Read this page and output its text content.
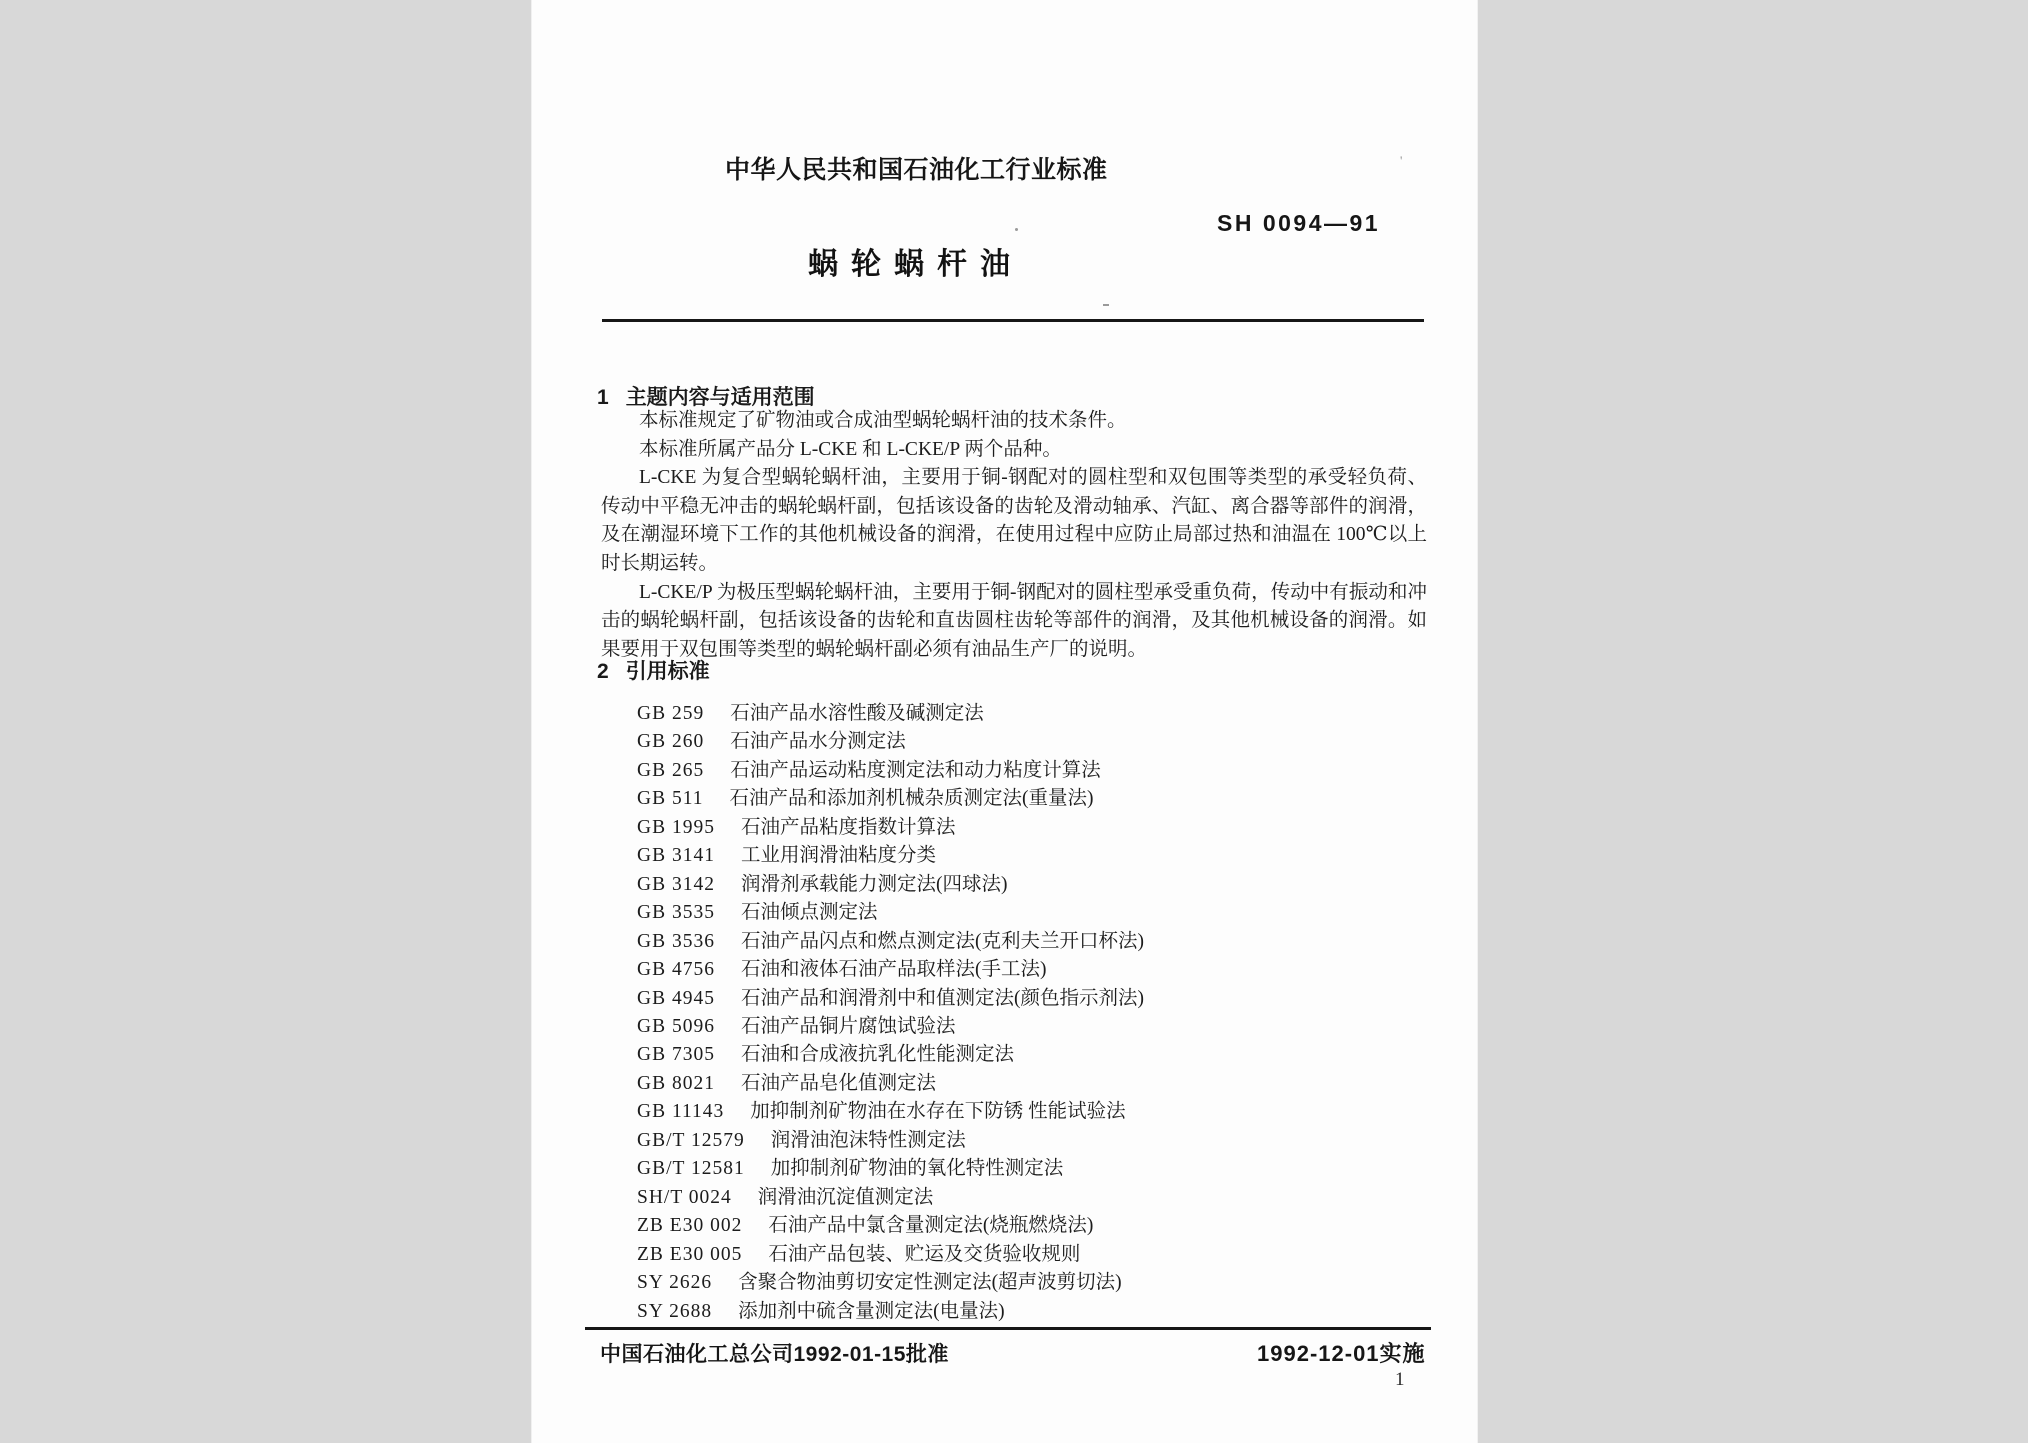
中华人民共和国石油化工行业标准
SH 0094—91
蜗轮蜗杆油
1 主题内容与适用范围

本标准规定了矿物油或合成油型蜗轮蜗杆油的技术条件。

本标准所属产品分 L-CKE 和 L-CKE/P 两个品种。

L-CKE 为复合型蜗轮蜗杆油，主要用于铜-钢配对的圆柱型和双包围等类型的承受轻负荷、传动中平稳无冲击的蜗轮蜗杆副，包括该设备的齿轮及滑动轴承、汽缸、离合器等部件的润滑，及在潮湿环境下工作的其他机械设备的润滑，在使用过程中应防止局部过热和油温在 100℃以上时长期运转。

L-CKE/P 为极压型蜗轮蜗杆油，主要用于铜-钢配对的圆柱型承受重负荷，传动中有振动和冲击的蜗轮蜗杆副，包括该设备的齿轮和直齿圆柱齿轮等部件的润滑，及其他机械设备的润滑。如果要用于双包围等类型的蜗轮蜗杆副必须有油品生产厂的说明。

2 引用标准
GB 259 石油产品水溶性酸及碱测定法
GB 260 石油产品水分测定法
GB 265 石油产品运动粘度测定法和动力粘度计算法
GB 511 石油产品和添加剂机械杂质测定法(重量法)
GB 1995 石油产品粘度指数计算法
GB 3141 工业用润滑油粘度分类
GB 3142 润滑剂承载能力测定法(四球法)
GB 3535 石油倾点测定法
GB 3536 石油产品闪点和燃点测定法(克利夫兰开口杯法)
GB 4756 石油和液体石油产品取样法(手工法)
GB 4945 石油产品和润滑剂中和值测定法(颜色指示剂法)
GB 5096 石油产品铜片腐蚀试验法
GB 7305 石油和合成液抗乳化性能测定法
GB 8021 石油产品皂化值测定法
GB 11143 加抑制剂矿物油在水存在下防锈 性能试验法
GB/T 12579 润滑油泡沫特性测定法
GB/T 12581 加抑制剂矿物油的氧化特性测定法
SH/T 0024 润滑油沉淀值测定法
ZB E30 002 石油产品中氯含量测定法(烧瓶燃烧法)
ZB E30 005 石油产品包装、贮运及交货验收规则
SY 2626 含聚合物油剪切安定性测定法(超声波剪切法)
SY 2688 添加剂中硫含量测定法(电量法)
中国石油化工总公司1992-01-15批准	1992-12-01实施
1
'
